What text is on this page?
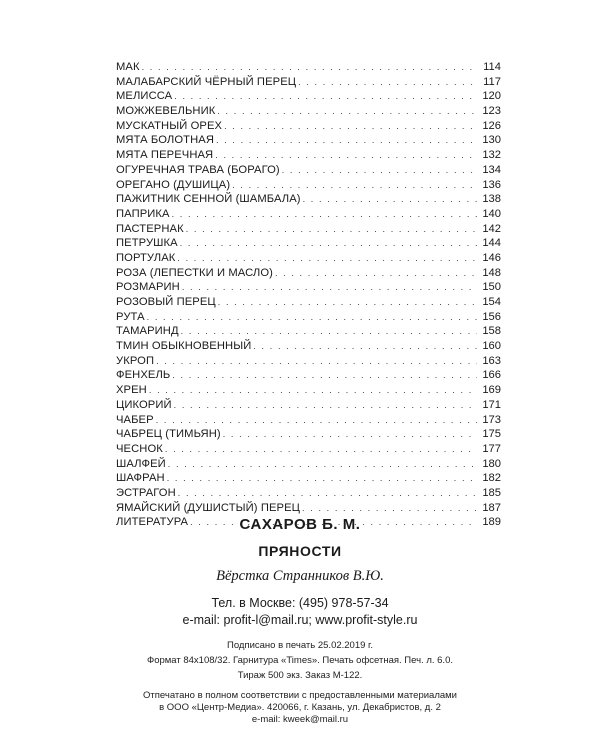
МАК . . .	114
МАЛАБАРСКИЙ ЧЁРНЫЙ ПЕРЕЦ . . .	117
МЕЛИССА . . .	120
МОЖЖЕВЕЛЬНИК . . .	123
МУСКАТНЫЙ ОРЕХ . . .	126
МЯТА БОЛОТНАЯ . . .	130
МЯТА ПЕРЕЧНАЯ . . .	132
ОГУРЕЧНАЯ ТРАВА (БОРАГО) . . .	134
ОРЕГАНО (ДУШИЦА) . . .	136
ПАЖИТНИК СЕННОЙ (ШАМБАЛА) . . .	138
ПАПРИКА . . .	140
ПАСТЕРНАК . . .	142
ПЕТРУШКА . . .	144
ПОРТУЛАК . . .	146
РОЗА (ЛЕПЕСТКИ И МАСЛО) . . .	148
РОЗМАРИН . . .	150
РОЗОВЫЙ ПЕРЕЦ . . .	154
РУТА . . .	156
ТАМАРИНД . . .	158
ТМИН ОБЫКНОВЕННЫЙ . . .	160
УКРОП . . .	163
ФЕНХЕЛЬ . . .	166
ХРЕН . . .	169
ЦИКОРИЙ . . .	171
ЧАБЕР . . .	173
ЧАБРЕЦ (ТИМЬЯН) . . .	175
ЧЕСНОК . . .	177
ШАЛФЕЙ . . .	180
ШАФРАН . . .	182
ЭСТРАГОН . . .	185
ЯМАЙСКИЙ (ДУШИСТЫЙ) ПЕРЕЦ . . .	187
ЛИТЕРАТУРА . . .	189
САХАРОВ Б. М.
ПРЯНОСТИ
Вёрстка Странников В.Ю.
Тел. в Москве: (495) 978-57-34
e-mail: profit-l@mail.ru; www.profit-style.ru
Подписано в печать 25.02.2019 г.
Формат 84x108/32. Гарнитура «Times». Печать офсетная. Печ. л. 6.0.
Тираж 500 экз. Заказ М-122.
Отпечатано в полном соответствии с предоставленными материалами
в ООО «Центр-Медиа». 420066, г. Казань, ул. Декабристов, д. 2
e-mail: kweek@mail.ru
